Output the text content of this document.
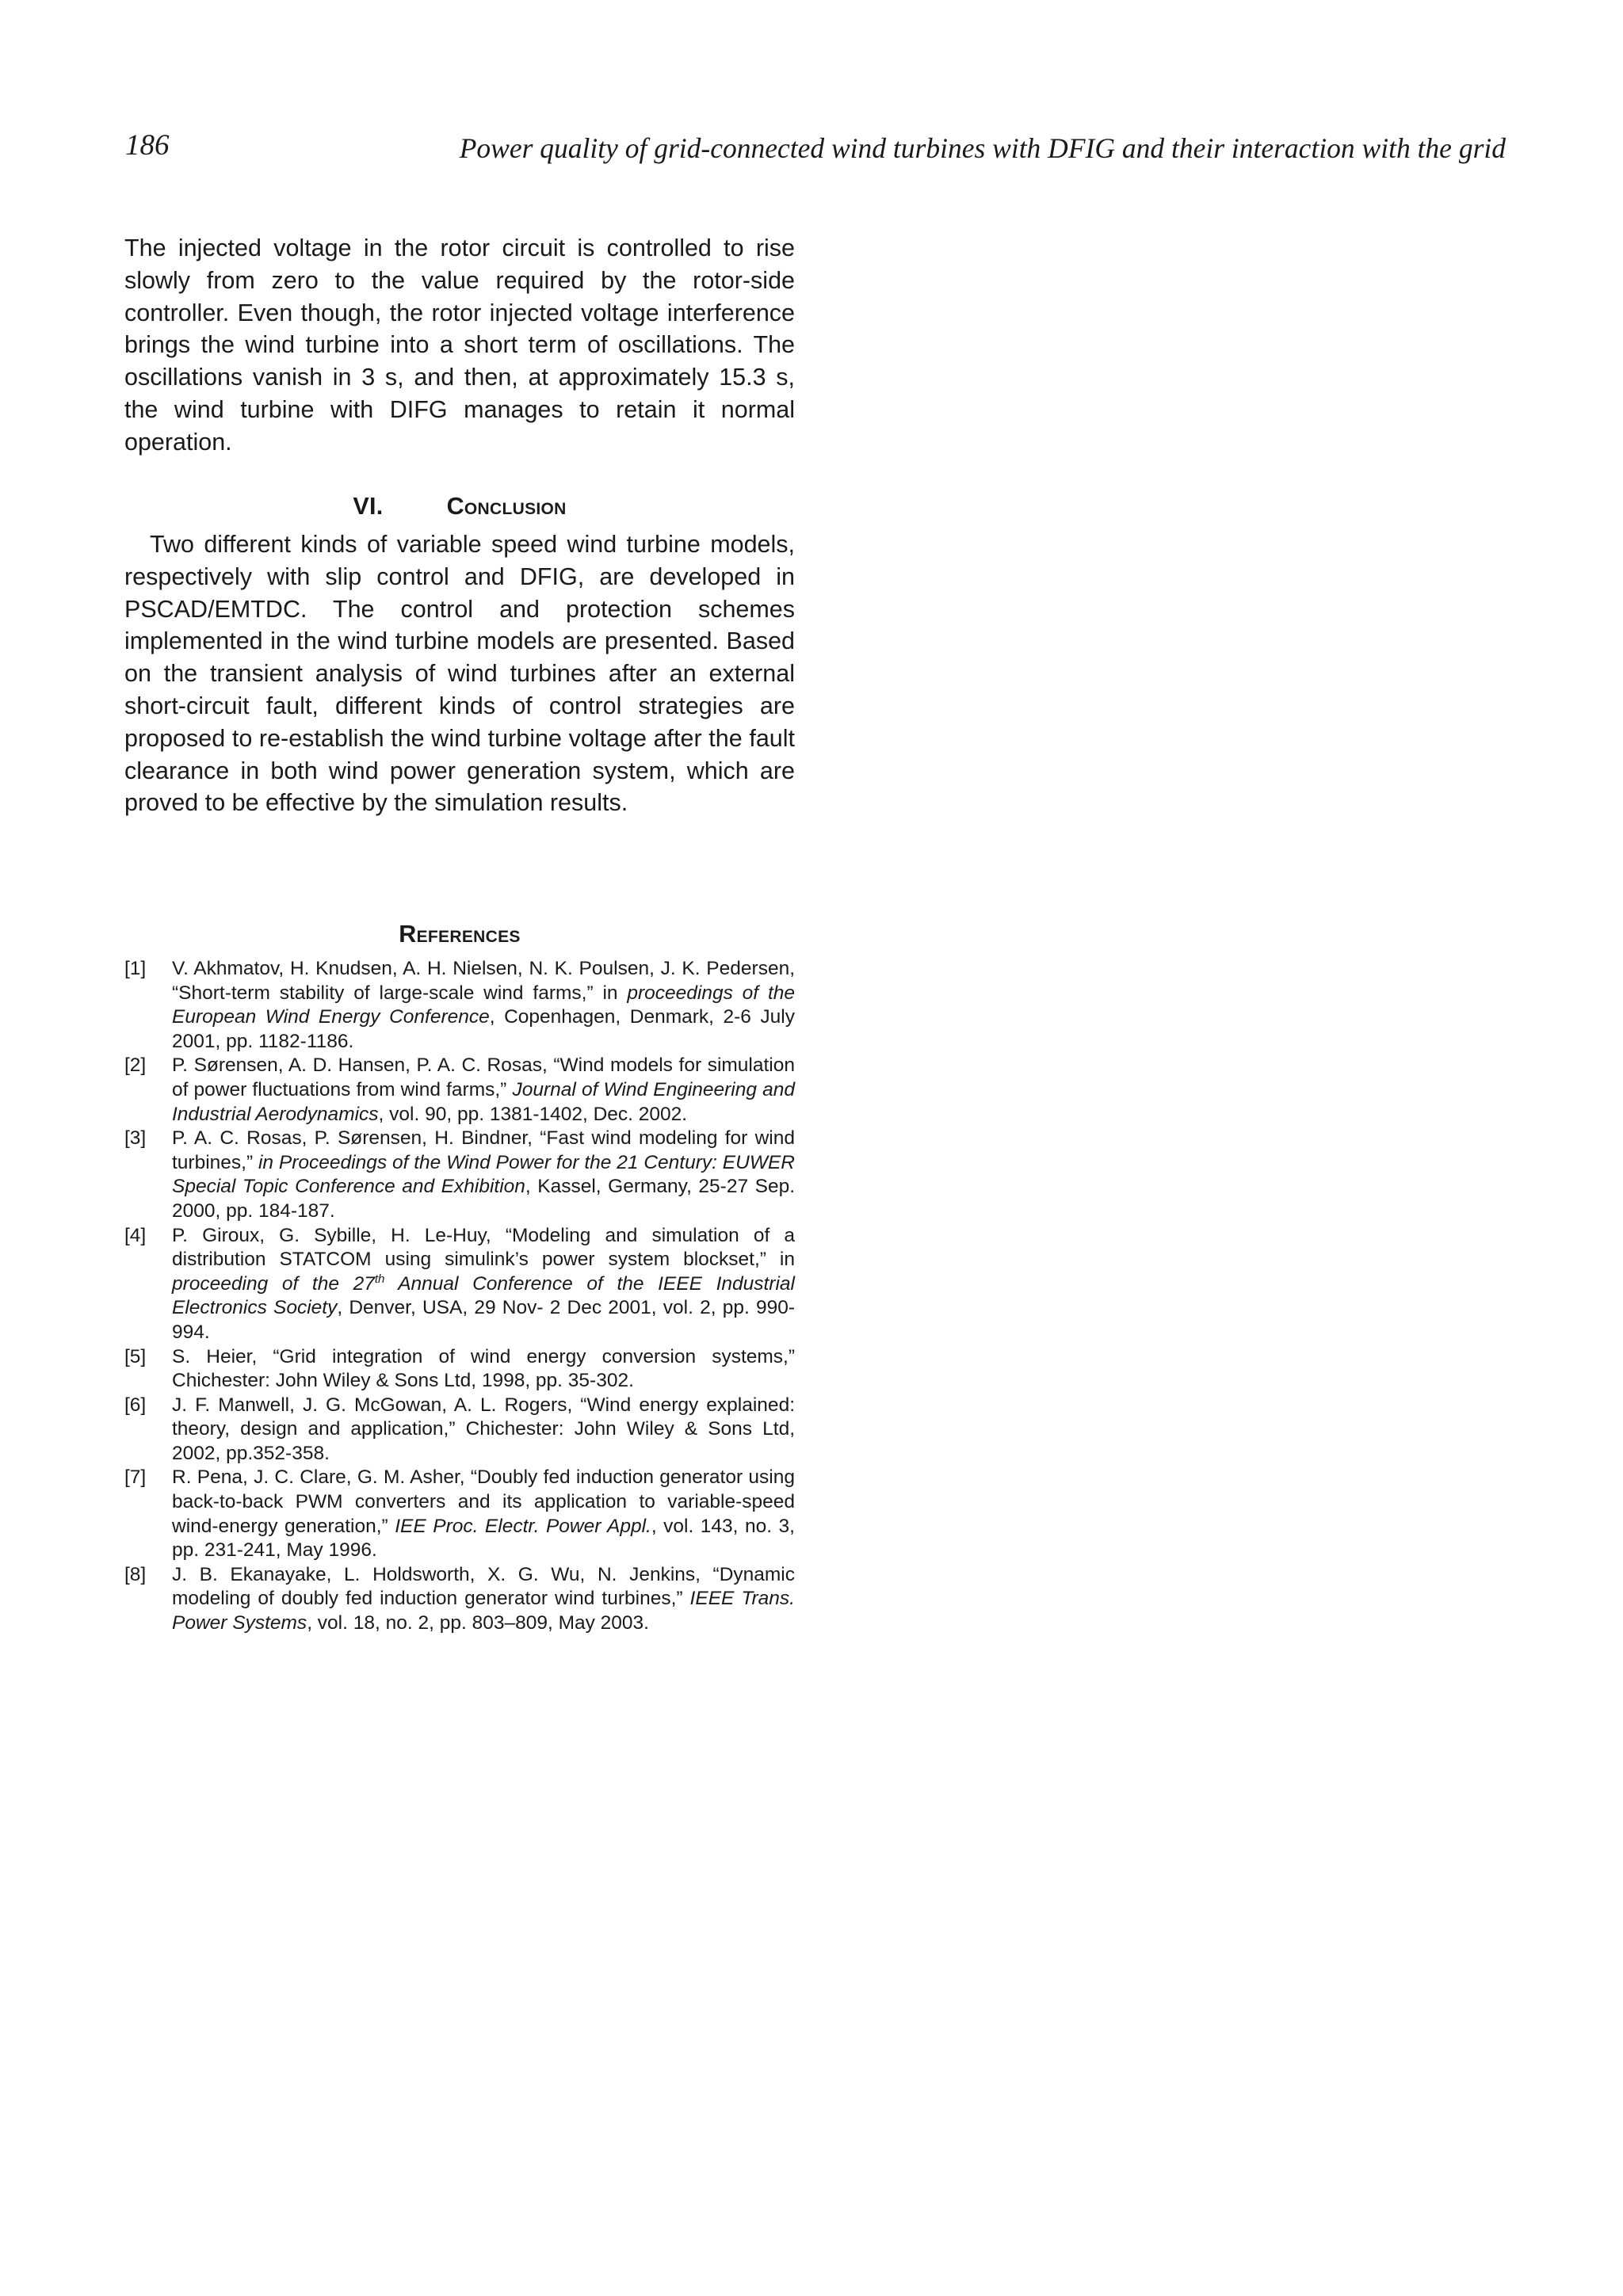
186	Power quality of grid-connected wind turbines with DFIG and their interaction with the grid

The injected voltage in the rotor circuit is controlled to rise slowly from zero to the value required by the rotor-side controller. Even though, the rotor injected voltage interference brings the wind turbine into a short term of oscillations. The oscillations vanish in 3 s, and then, at approximately 15.3 s, the wind turbine with DIFG manages to retain it normal operation.

VI.	Conclusion

Two different kinds of variable speed wind turbine models, respectively with slip control and DFIG, are developed in PSCAD/EMTDC. The control and protection schemes implemented in the wind turbine models are presented. Based on the transient analysis of wind turbines after an external short-circuit fault, different kinds of control strategies are proposed to re-establish the wind turbine voltage after the fault clearance in both wind power generation system, which are proved to be effective by the simulation results.

References
[1]	V. Akhmatov, H. Knudsen, A. H. Nielsen, N. K. Poulsen, J. K. Pedersen, “Short-term stability of large-scale wind farms,” in proceedings of the European Wind Energy Conference, Copenhagen, Denmark, 2-6 July 2001, pp. 1182-1186.
[2]	P. Sørensen, A. D. Hansen, P. A. C. Rosas, “Wind models for simulation of power fluctuations from wind farms,” Journal of Wind Engineering and Industrial Aerodynamics, vol. 90, pp. 1381-1402, Dec. 2002.
[3]	P. A. C. Rosas, P. Sørensen, H. Bindner, “Fast wind modeling for wind turbines,” in Proceedings of the Wind Power for the 21 Century: EUWER Special Topic Conference and Exhibition, Kassel, Germany, 25-27 Sep. 2000, pp. 184-187.
[4]	P. Giroux, G. Sybille, H. Le-Huy, “Modeling and simulation of a distribution STATCOM using simulink’s power system blockset,” in proceeding of the 27th Annual Conference of the IEEE Industrial Electronics Society, Denver, USA, 29 Nov- 2 Dec 2001, vol. 2, pp. 990-994.
[5]	S. Heier, “Grid integration of wind energy conversion systems,” Chichester: John Wiley & Sons Ltd, 1998, pp. 35-302.
[6]	J. F. Manwell, J. G. McGowan, A. L. Rogers, “Wind energy explained: theory, design and application,” Chichester: John Wiley & Sons Ltd, 2002, pp.352-358.
[7]	R. Pena, J. C. Clare, G. M. Asher, “Doubly fed induction generator using back-to-back PWM converters and its application to variable-speed wind-energy generation,” IEE Proc. Electr. Power Appl., vol. 143, no. 3, pp. 231-241, May 1996.
[8]	J. B. Ekanayake, L. Holdsworth, X. G. Wu, N. Jenkins, “Dynamic modeling of doubly fed induction generator wind turbines,” IEEE Trans. Power Systems, vol. 18, no. 2, pp. 803–809, May 2003.
